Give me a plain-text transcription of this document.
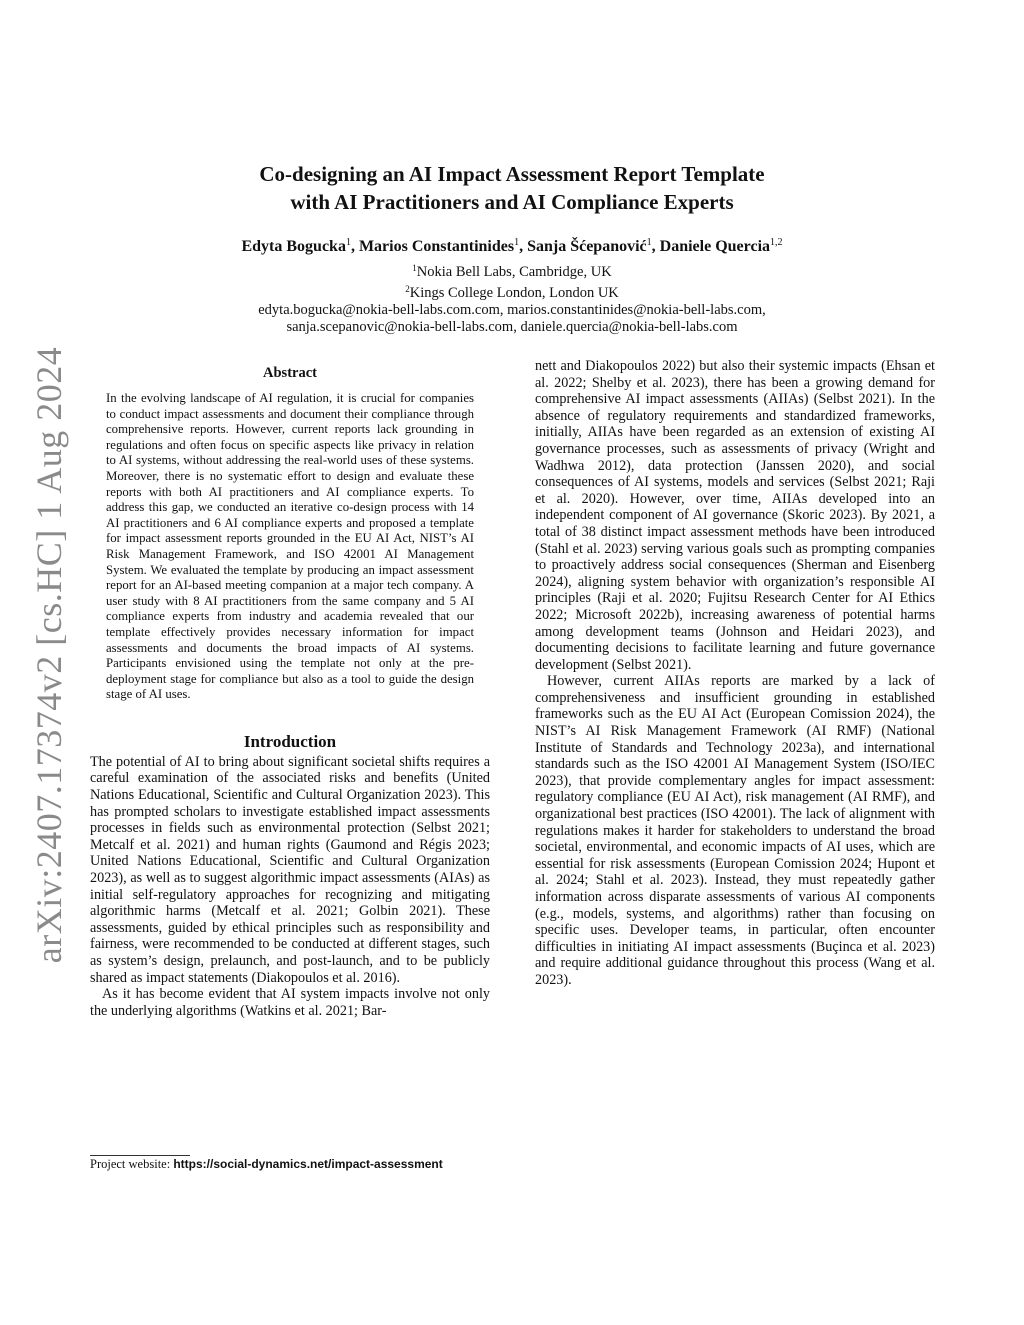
arXiv:2407.17374v2 [cs.HC] 1 Aug 2024
Co-designing an AI Impact Assessment Report Template
with AI Practitioners and AI Compliance Experts
Edyta Bogucka$^1$, Marios Constantinides$^1$, Sanja Šćepanović$^1$, Daniele Quercia$^{1,2}$
$^1$Nokia Bell Labs, Cambridge, UK
$^2$Kings College London, London UK
edyta.bogucka@nokia-bell-labs.com.com, marios.constantinides@nokia-bell-labs.com,
sanja.scepanovic@nokia-bell-labs.com, daniele.quercia@nokia-bell-labs.com
Abstract

In the evolving landscape of AI regulation, it is crucial for companies to conduct impact assessments and document their compliance through comprehensive reports. However, current reports lack grounding in regulations and often focus on specific aspects like privacy in relation to AI systems, without addressing the real-world uses of these systems. Moreover, there is no systematic effort to design and evaluate these reports with both AI practitioners and AI compliance experts. To address this gap, we conducted an iterative co-design process with 14 AI practitioners and 6 AI compliance experts and proposed a template for impact assessment reports grounded in the EU AI Act, NIST’s AI Risk Management Framework, and ISO 42001 AI Management System. We evaluated the template by producing an impact assessment report for an AI-based meeting companion at a major tech company. A user study with 8 AI practitioners from the same company and 5 AI compliance experts from industry and academia revealed that our template effectively provides necessary information for impact assessments and documents the broad impacts of AI systems. Participants envisioned using the template not only at the pre-deployment stage for compliance but also as a tool to guide the design stage of AI uses.

Introduction

The potential of AI to bring about significant societal shifts requires a careful examination of the associated risks and benefits (United Nations Educational, Scientific and Cultural Organization 2023). This has prompted scholars to investigate established impact assessments processes in fields such as environmental protection (Selbst 2021; Metcalf et al. 2021) and human rights (Gaumond and Régis 2023; United Nations Educational, Scientific and Cultural Organization 2023), as well as to suggest algorithmic impact assessments (AIAs) as initial self-regulatory approaches for recognizing and mitigating algorithmic harms (Metcalf et al. 2021; Golbin 2021). These assessments, guided by ethical principles such as responsibility and fairness, were recommended to be conducted at different stages, such as system’s design, prelaunch, and post-launch, and to be publicly shared as impact statements (Diakopoulos et al. 2016).

As it has become evident that AI system impacts involve not only the underlying algorithms (Watkins et al. 2021; Bar-

nett and Diakopoulos 2022) but also their systemic impacts (Ehsan et al. 2022; Shelby et al. 2023), there has been a growing demand for comprehensive AI impact assessments (AIIAs) (Selbst 2021). In the absence of regulatory requirements and standardized frameworks, initially, AIIAs have been regarded as an extension of existing AI governance processes, such as assessments of privacy (Wright and Wadhwa 2012), data protection (Janssen 2020), and social consequences of AI systems, models and services (Selbst 2021; Raji et al. 2020). However, over time, AIIAs developed into an independent component of AI governance (Skoric 2023). By 2021, a total of 38 distinct impact assessment methods have been introduced (Stahl et al. 2023) serving various goals such as prompting companies to proactively address social consequences (Sherman and Eisenberg 2024), aligning system behavior with organization’s responsible AI principles (Raji et al. 2020; Fujitsu Research Center for AI Ethics 2022; Microsoft 2022b), increasing awareness of potential harms among development teams (Johnson and Heidari 2023), and documenting decisions to facilitate learning and future governance development (Selbst 2021).

However, current AIIAs reports are marked by a lack of comprehensiveness and insufficient grounding in established frameworks such as the EU AI Act (European Comission 2024), the NIST’s AI Risk Management Framework (AI RMF) (National Institute of Standards and Technology 2023a), and international standards such as the ISO 42001 AI Management System (ISO/IEC 2023), that provide complementary angles for impact assessment: regulatory compliance (EU AI Act), risk management (AI RMF), and organizational best practices (ISO 42001). The lack of alignment with regulations makes it harder for stakeholders to understand the broad societal, environmental, and economic impacts of AI uses, which are essential for risk assessments (European Comission 2024; Hupont et al. 2024; Stahl et al. 2023). Instead, they must repeatedly gather information across disparate assessments of various AI components (e.g., models, systems, and algorithms) rather than focusing on specific uses. Developer teams, in particular, often encounter difficulties in initiating AI impact assessments (Buçinca et al. 2023) and require additional guidance throughout this process (Wang et al. 2023).

Project website: https://social-dynamics.net/impact-assessment
